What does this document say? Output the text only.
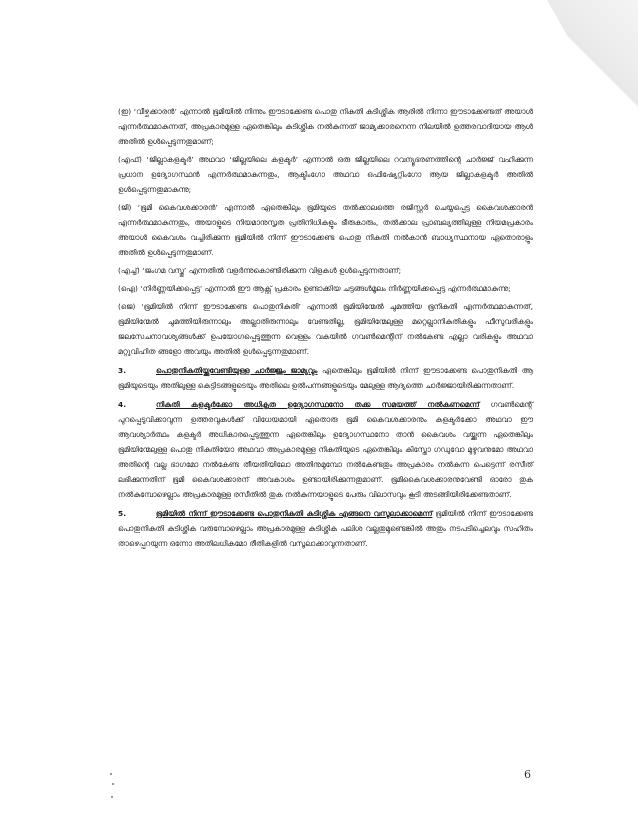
(ഇ) ‘വീഴ്ചക്കാരൻ’ എന്നാൽ ഭൂമിയിൽ നിന്നും ഈടാക്കേണ്ട പൊതു നികുതി കുടിശ്ശിക ആരിൽ നിന്നാ ഈടാക്കേണ്ടത് അയാൾ എന്നർത്ഥമാകുന്നത്, അപ്രകാരമുള്ള ഏതെങ്കിലും കുടിശ്ശിക നൽകുന്നത് ജാമ്യക്കാരനെന്ന നിലയിൽ ഉത്തരവാദിയായ ആൾ അതിൽ ഉൾപ്പെടുന്നതുമാണ്;

(എഫ്) ‘ജില്ലാകളക്ടർ’ അഥവാ ‘ജില്ലയിലെ കളക്ടർ’ എന്നാൽ ഒരു ജില്ലയിലെ റവന്യൂഭരണത്തിന്റെ ചാർജ്ജ് വഹിക്കുന്ന പ്രധാന ഉദ്യോഗസ്ഥൻ എന്നർത്ഥമാകുന്നതും, ആക്ടിംഗോ അഥവാ ഒഫിഷ്യേറ്റിംഗോ ആയ ജില്ലാകളക്ടർ അതിൽ ഉൾപ്പെടുന്നതുമാകുന്നു;

(ജി) ‘ഭൂമി കൈവശക്കാരൻ’ എന്നാൽ ഏതെങ്കിലും ഭൂമിയുടെ തൽക്കാലത്തെ രജിസ്റ്റർ ചെയ്യപ്പെട്ട കൈവശക്കാരൻ എന്നർത്ഥമാകുന്നതും, അയാളുടെ നിയമാനുസൃത പ്രതിനിധികളും ഭീരുകാരും, തൽക്കാല പ്രാബല്യത്തിലുള്ള നിയമപ്രകാരം അയാൾ കൈവശം വച്ചിരിക്കുന്ന ഭൂമിയിൽ നിന്ന് ഈടാക്കേണ്ട പൊതു നികുതി നൽകാൻ ബാധ്യസ്ഥനായ ഏതൊരാളും അതിൽ ഉൾപ്പെടുന്നതുമാണ്.

(എച്ച്) ‘ജംഗമ വസ്തു’ എന്നതിൽ വളർന്നുകൊണ്ടിരിക്കുന്ന വിളകൾ ഉൾപ്പെടുന്നതാണ്;

(ഐ) ‘നിർണ്ണയിക്കപ്പെട്ട’ എന്നാൽ ഈ ആക്റ്റ് പ്രകാരം ഉണ്ടാക്കിയ ചട്ടങ്ങൾമൂലം നിർണ്ണയിക്കപ്പെട്ട എന്നർത്ഥമാകുന്നു;

(ജെ) ‘ഭൂമിയിൽ നിന്ന് ഈടാക്കേണ്ട പൊതുനികുതി’ എന്നാൽ ഭൂമിയിന്മേൽ ചുമത്തിയ ഭൂനികുതി എന്നർത്ഥമാകുന്നത്, ഭൂമിയിന്മേൽ ചുമത്തിയിരുന്നാലും അല്ലാതിരുന്നാലും വേണ്ടതില്ല, ഭൂമിയിന്മേലുള്ള മറ്റെല്ലാനികുതികളും ഫീസുവരികളും ജലസേചനാവശ്യങ്ങൾക്ക് ഉപയോഗപ്പെടുത്തുന്ന വെള്ളം വകയിൽ ഗവൺമെന്റിന് നൽകേണ്ട എല്ലാ വരികളും അഥവാ മറ്റുവിഹിത ങ്ങളോ അവയും അതിൽ ഉൾപ്പെടുന്നതുമാണ്.

3.	പൊതുനികുതിയ്ക്കുവേണ്ടിയുള്ള ചാർജ്ജും ജാമ്യവും ഏതെങ്കിലും ഭൂമിയിൽ നിന്ന് ഈടാക്കേണ്ട പൊതുനികുതി ആ ഭൂമിയുടെയും അതിലുള്ള കെട്ടിടങ്ങളുടെയും അതിലെ ഉൽപന്നങ്ങളുടെയും മേലുള്ള ആദ്യത്തെ ചാർജ്ജായിരിക്കുന്നതാണ്.

4.	നികുതി കളക്ടർക്കോ അധികൃത ഉദ്യോഗസ്ഥനോ തക്ക സമയത്ത് നൽകണമെന്ന് ഗവൺമെന്റ് പുറപ്പെടുവിക്കാവുന്ന ഉത്തരവുകൾക്ക് വിധേയമായി ഏതൊരു ഭൂമി കൈവശക്കാരനും കളക്ടർക്കോ അഥവാ ഈ ആവശ്യാർത്ഥം കളക്ടർ അധികാരപ്പെടുത്തുന്ന ഏതെങ്കിലും ഉദ്യോഗസ്ഥനോ താൻ കൈവശം വയ്ക്കുന്ന ഏതെങ്കിലും ഭൂമിയിന്മേലുള്ള പൊതു നികുതിയോ അഥവാ അപ്രകാരമുള്ള നികുതിയുടെ ഏതെങ്കിലും കിസ്തോ ഗഡുവോ മുഴുവനുമോ അഥവാ അതിന്റെ വല്ല ഭാഗമോ നൽകേണ്ട തീയതിയിലോ അതിനുമുമ്പോ നൽകേണ്ടതും അപ്രകാരം നൽകുന്ന പെട്ടെന്ന് രസീത് ലഭിക്കുന്നതിന് ഭൂമി കൈവശക്കാരന് അവകാശം ഉണ്ടായിരിക്കുന്നതുമാണ്. ഭൂമികൈവശക്കാരനുവേണ്ടി ഓരോ തുക നൽകുമ്പോഴെല്ലാം അപ്രകാരമുള്ള രസീതിൽ തുക നൽകുന്നയാളുടെ പേരും വിലാസവും കൂടി അടങ്ങിയിരിക്കേണ്ടതാണ്.

5.	ഭൂമിയിൽ നിന്ന് ഈടാക്കേണ്ട പൊതുനികുതി കുടിശ്ശിക എങ്ങനെ വസൂലാക്കാമെന്ന് ഭൂമിയിൽ നിന്ന് ഈടാക്കേണ്ട പൊതുനികുതി കുടിശ്ശിക വരുമ്പോഴെല്ലാം അപ്രകാരമുള്ള കുടിശ്ശിക പലിശ വല്ലതുമുണ്ടെങ്കിൽ അതും നടപടിച്ചെലവും സഹിതം താഴെപ്പറയുന്ന ഒന്നോ അതിലധികമോ രീതികളിൽ വസൂലാക്കാവുന്നതാണ്.

6
